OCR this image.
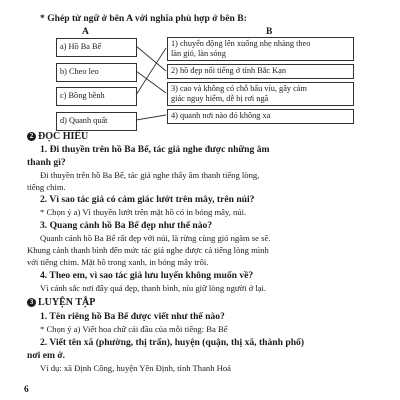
* Ghép từ ngữ ở bên A với nghĩa phù hợp ở bên B:
A	B
a) Hồ Ba Bể
b) Cheo leo
c) Bồng bềnh
d) Quanh quất
1) chuyển động lên xuống nhẹ nhàng theo
làn gió, làn sóng
2) hồ đẹp nổi tiếng ở tỉnh Bắc Kạn
3) cao và không có chỗ bấu víu, gây cảm
giác nguy hiểm, dễ bị rơi ngã
4) quanh nơi nào đó không xa
2 ĐỌC HIỂU
1. Đi thuyền trên hồ Ba Bể, tác giả nghe được những âm
thanh gì?
Đi thuyền trên hồ Ba Bể, tác giả nghe thấy âm thanh tiếng lòng,
tiếng chim.
2. Vì sao tác giả có cảm giác lướt trên mây, trên núi?
* Chọn ý a) Vì thuyền lướt trên mặt hồ có in bóng mây, núi.
3. Quang cảnh hồ Ba Bể đẹp như thế nào?
Quanh cảnh hồ Ba Bể rất đẹp với núi, là rừng cùng gió ngàm se sẽ.
Khung cảnh thanh bình đến mức tác giả nghe được cả tiếng lòng mình
với tiếng chim. Mặt hồ trong xanh, in bóng mây trôi.
4. Theo em, vì sao tác giả lưu luyến không muốn về?
Vì cảnh sắc nơi đây quá đẹp, thanh bình, níu giữ lòng người ở lại.
3 LUYỆN TẬP
1. Tên riêng hồ Ba Bể được viết như thế nào?
* Chọn ý a) Viết hoa chữ cái đầu của mỗi tiếng: Ba Bể
2. Viết tên xã (phường, thị trấn), huyện (quận, thị xã, thành phố)
nơi em ở.
Ví dụ: xã Định Công, huyện Yên Định, tỉnh Thanh Hoá
6
